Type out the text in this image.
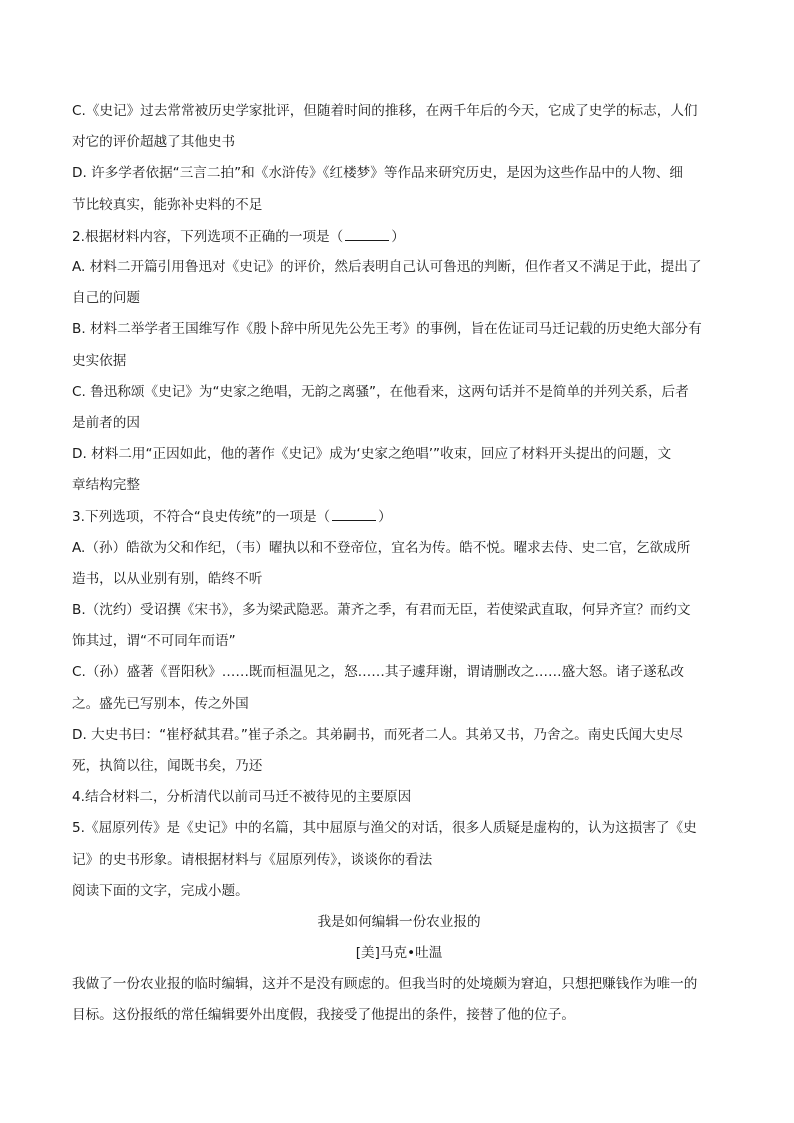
C.《史记》过去常常被历史学家批评，但随着时间的推移，在两千年后的今天，它成了史学的标志，人们
对它的评价超越了其他史书
D. 许多学者依据“三言二拍”和《水浒传》《红楼梦》等作品来研究历史，是因为这些作品中的人物、细
节比较真实，能弥补史料的不足
2.根据材料内容，下列选项不正确的一项是（	）
A. 材料二开篇引用鲁迅对《史记》的评价，然后表明自己认可鲁迅的判断，但作者又不满足于此，提出了
自己的问题
B. 材料二举学者王国维写作《殷卜辞中所见先公先王考》的事例，旨在佐证司马迁记载的历史绝大部分有
史实依据
C. 鲁迅称颂《史记》为“史家之绝唱，无韵之离骚”，在他看来，这两句话并不是简单的并列关系，后者
是前者的因
D. 材料二用“正因如此，他的著作《史记》成为‘史家之绝唱’”收束，回应了材料开头提出的问题，文
章结构完整
3.下列选项，不符合“良史传统”的一项是（	）
A.（孙）皓欲为父和作纪，（韦）曜执以和不登帝位，宜名为传。皓不悦。曜求去侍、史二官，乞欲成所
造书，以从业别有别，皓终不听
B.（沈约）受诏撰《宋书》，多为梁武隐恶。萧齐之季，有君而无臣，若使梁武直取，何异齐宣？而约文
饰其过，谓“不可同年而语”
C.（孙）盛著《晋阳秋》……既而桓温见之，怒……其子遽拜谢，谓请删改之……盛大怒。诸子遂私改
之。盛先已写别本，传之外国
D. 大史书曰：“崔杼弑其君。”崔子杀之。其弟嗣书，而死者二人。其弟又书，乃舍之。南史氏闻大史尽
死，执简以往，闻既书矣，乃还
4.结合材料二，分析清代以前司马迁不被待见的主要原因
5.《屈原列传》是《史记》中的名篇，其中屈原与渔父的对话，很多人质疑是虚构的，认为这损害了《史
记》的史书形象。请根据材料与《屈原列传》，谈谈你的看法
阅读下面的文字，完成小题。
我是如何编辑一份农业报的
[美]马克•吐温
我做了一份农业报的临时编辑，这并不是没有顾虑的。但我当时的处境颇为窘迫，只想把赚钱作为唯一的
目标。这份报纸的常任编辑要外出度假，我接受了他提出的条件，接替了他的位子。
